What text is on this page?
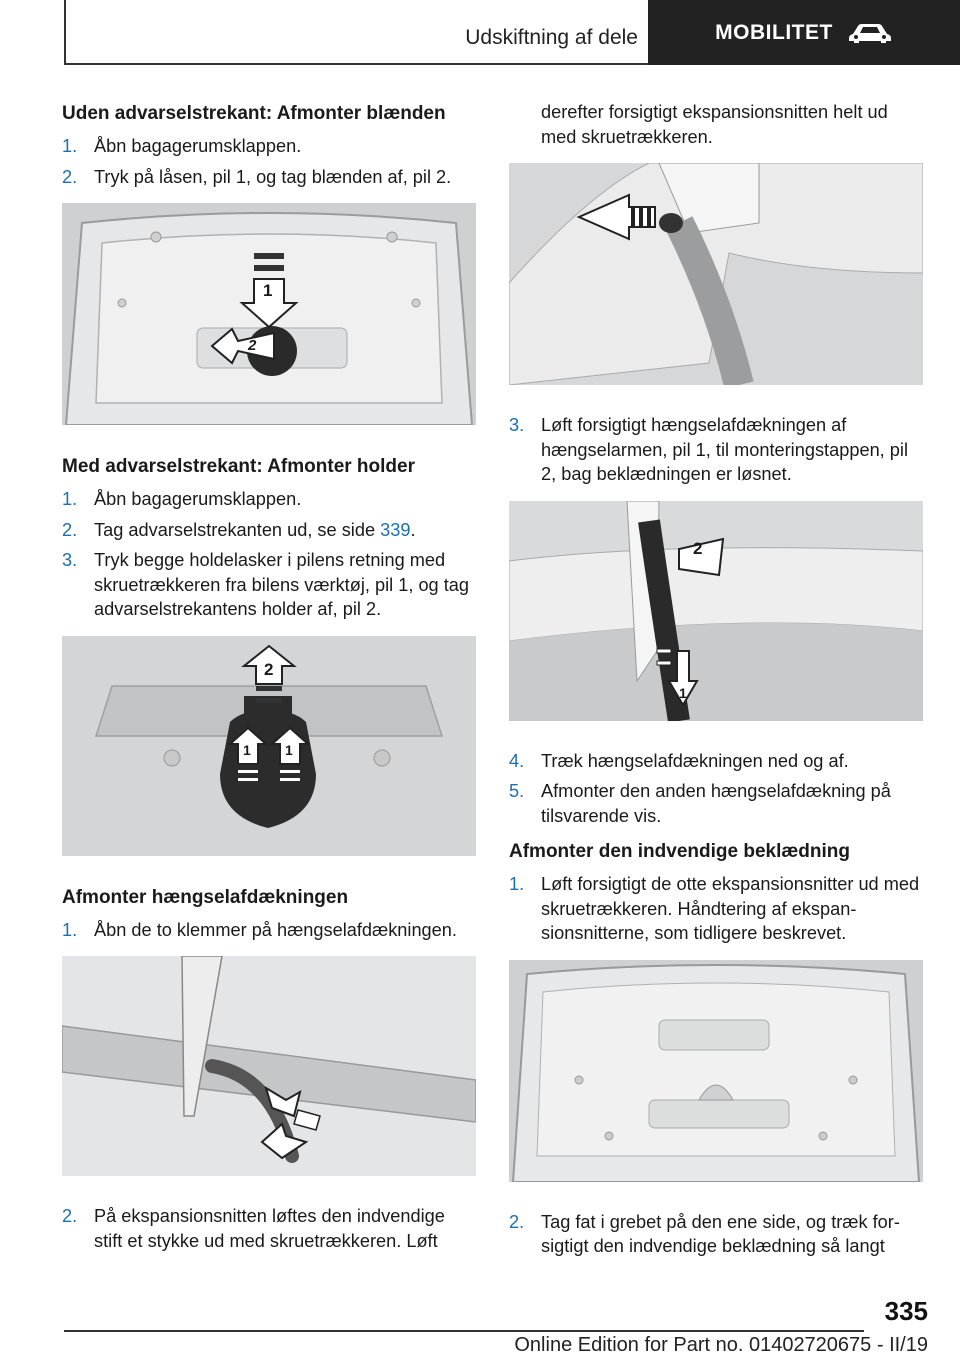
Udskiftning af dele	MOBILITET
Uden advarselstrekant: Afmonter blænden
1. Åbn bagagerumsklappen.
2. Tryk på låsen, pil 1, og tag blænden af, pil 2.
1
2
Med advarselstrekant: Afmonter holder
1. Åbn bagagerumsklappen.
2. Tag advarselstrekanten ud, se side 339.
3. Tryk begge holdelasker i pilens retning med skruetrækkeren fra bilens værktøj, pil 1, og tag advarselstrekantens holder af, pil 2.
2
1 1
Afmonter hængselafdækningen
1. Åbn de to klemmer på hængselafdækningen.
2. På ekspansionsnitten løftes den indvendige stift et stykke ud med skruetrækkeren. Løft

derefter forsigtigt ekspansionsnitten helt ud med skruetrækkeren.

3. Løft forsigtigt hængselafdækningen af hængselarmen, pil 1, til monteringstappen, pil 2, bag beklædningen er løsnet.
2
1
4. Træk hængselafdækningen ned og af.
5. Afmonter den anden hængselafdækning på tilsvarende vis.
Afmonter den indvendige beklædning
1. Løft forsigtigt de otte ekspansionsnitter ud med skruetrækkeren. Håndtering af ekspansionsnitterne, som tidligere beskrevet.
2. Tag fat i grebet på den ene side, og træk forsigtigt den indvendige beklædning så langt
335
Online Edition for Part no. 01402720675 - II/19
